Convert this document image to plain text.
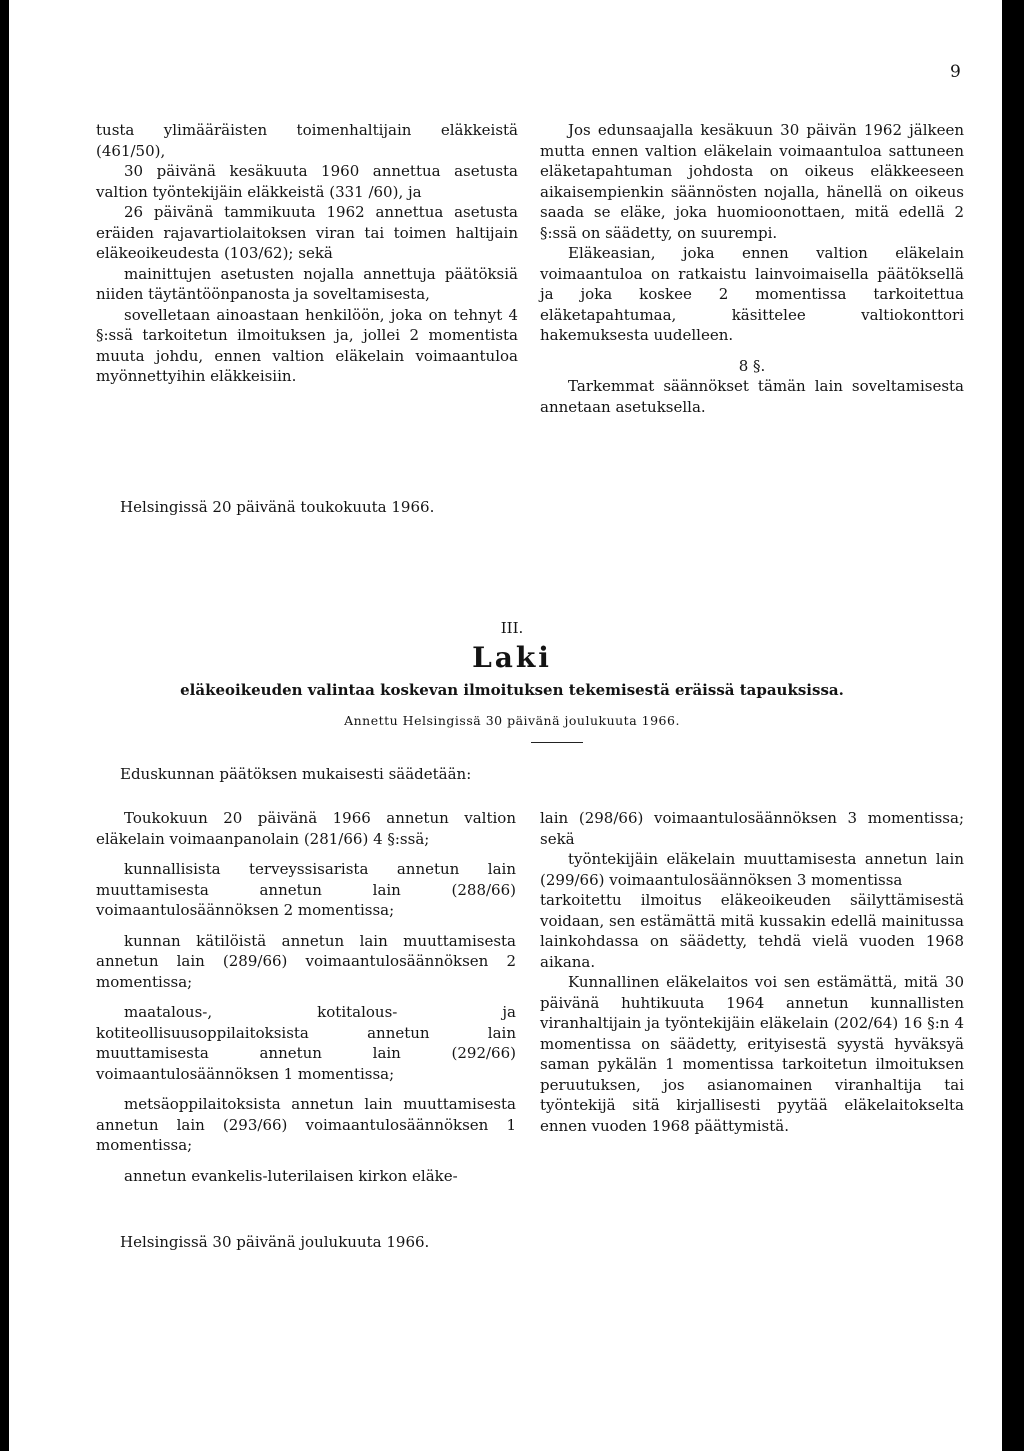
9

tusta ylimääräisten toimenhaltijain eläkkeistä (461/50),

30 päivänä kesäkuuta 1960 annettua asetusta valtion työntekijäin eläkkeistä (331 /60), ja

26 päivänä tammikuuta 1962 annettua asetusta eräiden rajavartiolaitoksen viran tai toimen haltijain eläkeoikeudesta (103/62); sekä

mainittujen asetusten nojalla annettuja päätöksiä niiden täytäntöönpanosta ja soveltamisesta,

sovelletaan ainoastaan henkilöön, joka on tehnyt 4 §:ssä tarkoitetun ilmoituksen ja, jollei 2 momentista muuta johdu, ennen valtion eläkelain voimaantuloa myönnettyihin eläkkeisiin.

Helsingissä 20 päivänä toukokuuta 1966.

Jos edunsaajalla kesäkuun 30 päivän 1962 jälkeen mutta ennen valtion eläkelain voimaantuloa sattuneen eläketapahtuman johdosta on oikeus eläkkeeseen aikaisempienkin säännösten nojalla, hänellä on oikeus saada se eläke, joka huomioonottaen, mitä edellä 2 §:ssä on säädetty, on suurempi.

Eläkeasian, joka ennen valtion eläkelain voimaantuloa on ratkaistu lainvoimaisella päätöksellä ja joka koskee 2 momentissa tarkoitettua eläketapahtumaa, käsittelee valtiokonttori hakemuksesta uudelleen.

8 §.

Tarkemmat säännökset tämän lain soveltamisesta annetaan asetuksella.

III.
Laki
eläkeoikeuden valintaa koskevan ilmoituksen tekemisestä eräissä tapauksissa.
Annettu Helsingissä 30 päivänä joulukuuta 1966.
Eduskunnan päätöksen mukaisesti säädetään:

Toukokuun 20 päivänä 1966 annetun valtion eläkelain voimaanpanolain (281/66) 4 §:ssä;

kunnallisista terveyssisarista annetun lain muuttamisesta annetun lain (288/66) voimaantulosäännöksen 2 momentissa;

kunnan kätilöistä annetun lain muuttamisesta annetun lain (289/66) voimaantulosäännöksen 2 momentissa;

maatalous-, kotitalous- ja kotiteollisuusoppilaitoksista annetun lain muuttamisesta annetun lain (292/66) voimaantulosäännöksen 1 momentissa;

metsäoppilaitoksista annetun lain muuttamisesta annetun lain (293/66) voimaantulosäännöksen 1 momentissa;

annetun evankelis-luterilaisen kirkon eläke-

Helsingissä 30 päivänä joulukuuta 1966.

lain (298/66) voimaantulosäännöksen 3 momentissa; sekä

työntekijäin eläkelain muuttamisesta annetun lain (299/66) voimaantulosäännöksen 3 momentissa

tarkoitettu ilmoitus eläkeoikeuden säilyttämisestä voidaan, sen estämättä mitä kussakin edellä mainitussa lainkohdassa on säädetty, tehdä vielä vuoden 1968 aikana.

Kunnallinen eläkelaitos voi sen estämättä, mitä 30 päivänä huhtikuuta 1964 annetun kunnallisten viranhaltijain ja työntekijäin eläkelain (202/64) 16 §:n 4 momentissa on säädetty, erityisestä syystä hyväksyä saman pykälän 1 momentissa tarkoitetun ilmoituksen peruutuksen, jos asianomainen viranhaltija tai työntekijä sitä kirjallisesti pyytää eläkelaitokselta ennen vuoden 1968 päättymistä.
